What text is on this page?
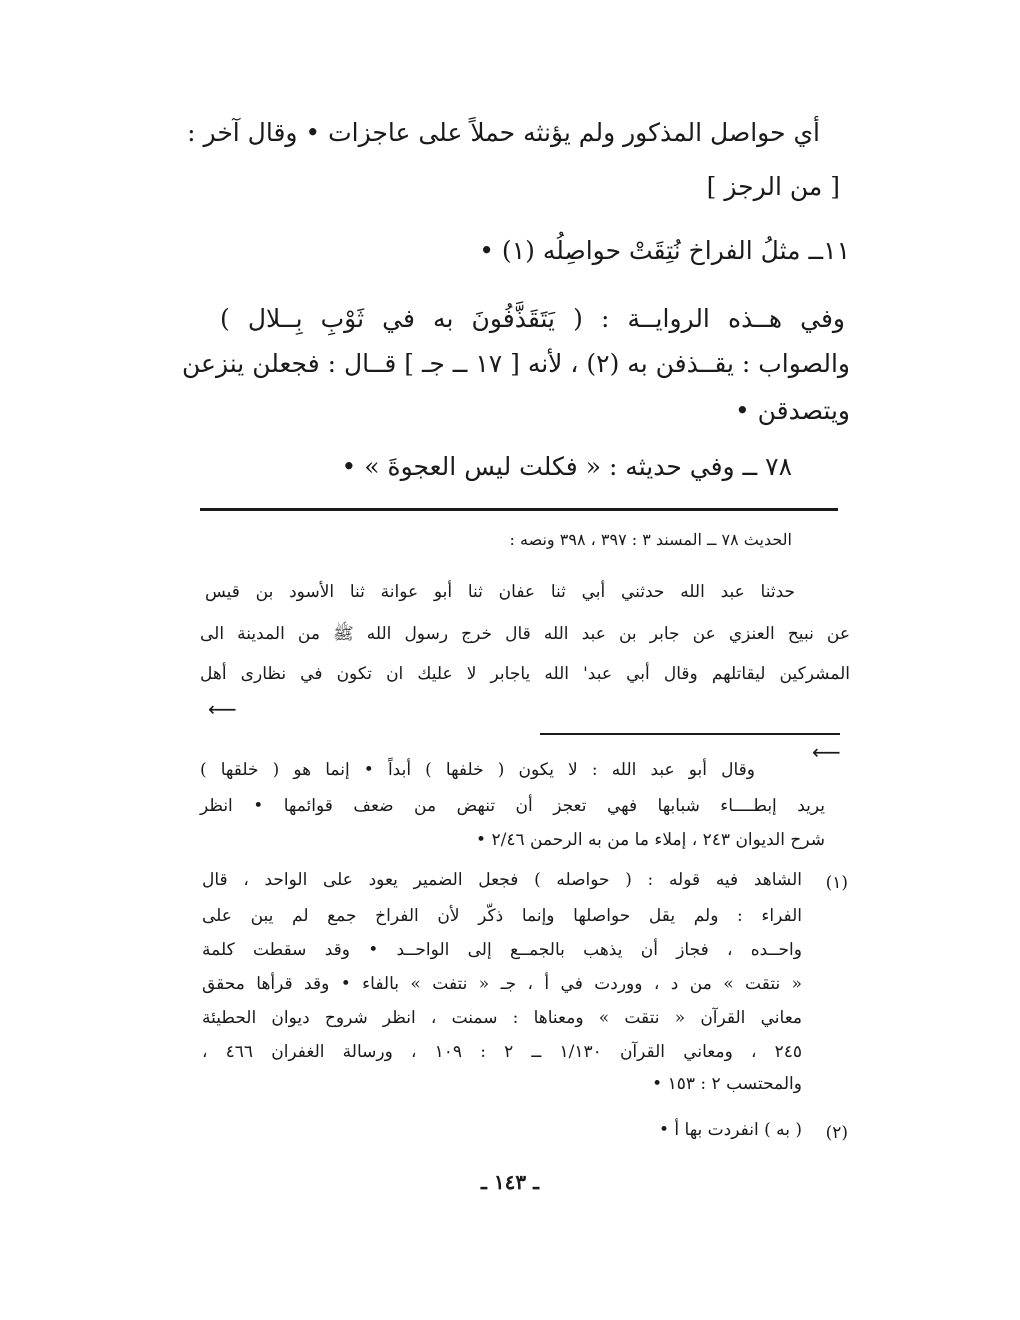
أي حواصل المذكور ولم يؤنثه حملاً على عاجزات • وقال آخر :
[ من الرجز ]
١١ــ مثلُ الفراخ نُتِقَتْ حواصِلُه (١) •
وفي هــذه الروايــة : ( يَتَقَذَّفُونَ به في ثَوْبِ بِــلال )
والصواب : يقــذفن به (٢) ، لأنه [ ١٧ ــ جـ ] قــال : فجعلن ينزعن
ويتصدقن •
٧٨ ــ وفي حديثه : « فكلت ليس العجوةَ » •
الحديث ٧٨ ــ المسند ٣ : ٣٩٧ ، ٣٩٨ ونصه :
حدثنا عبد الله حدثني أبي ثنا عفان ثنا أبو عوانة ثنا الأسود بن قيس
عن نبيح العنزي عن جابر بن عبد الله قال خرج رسول الله ﷺ من المدينة الى
المشركين ليقاتلهم وقال أبي عبد' الله ياجابر لا عليك ان تكون في نظارى أهل
⟵
⟵
وقال أبو عبد الله : لا يكون ( خلفها ) أبداً • إنما هو ( خلقها )
يريد إبطــــاء شبابها فهي تعجز أن تنهض من ضعف قوائمها • انظر
شرح الديوان ٢٤٣ ، إملاء ما من به الرحمن ٢/٤٦ •
(١)
الشاهد فيه قوله : ( حواصله ) فجعل الضمير يعود على الواحد ، قال
الفراء : ولم يقل حواصلها وإنما ذكّر لأن الفراخ جمع لم يبن على
واحــده ، فجاز أن يذهب بالجمــع إلى الواحــد • وقد سقطت كلمة
« نتقت » من د ، ووردت في أ ، جـ « نتفت » بالفاء • وقد قرأها محقق
معاني القرآن « نتقت » ومعناها : سمنت ، انظر شروح ديوان الحطيئة
٢٤٥ ، ومعاني القرآن ١/١٣٠ ــ ٢ : ١٠٩ ، ورسالة الغفران ٤٦٦ ،
والمحتسب ٢ : ١٥٣ •
(٢)
( به ) انفردت بها أ •
ـ ١٤٣ ـ
